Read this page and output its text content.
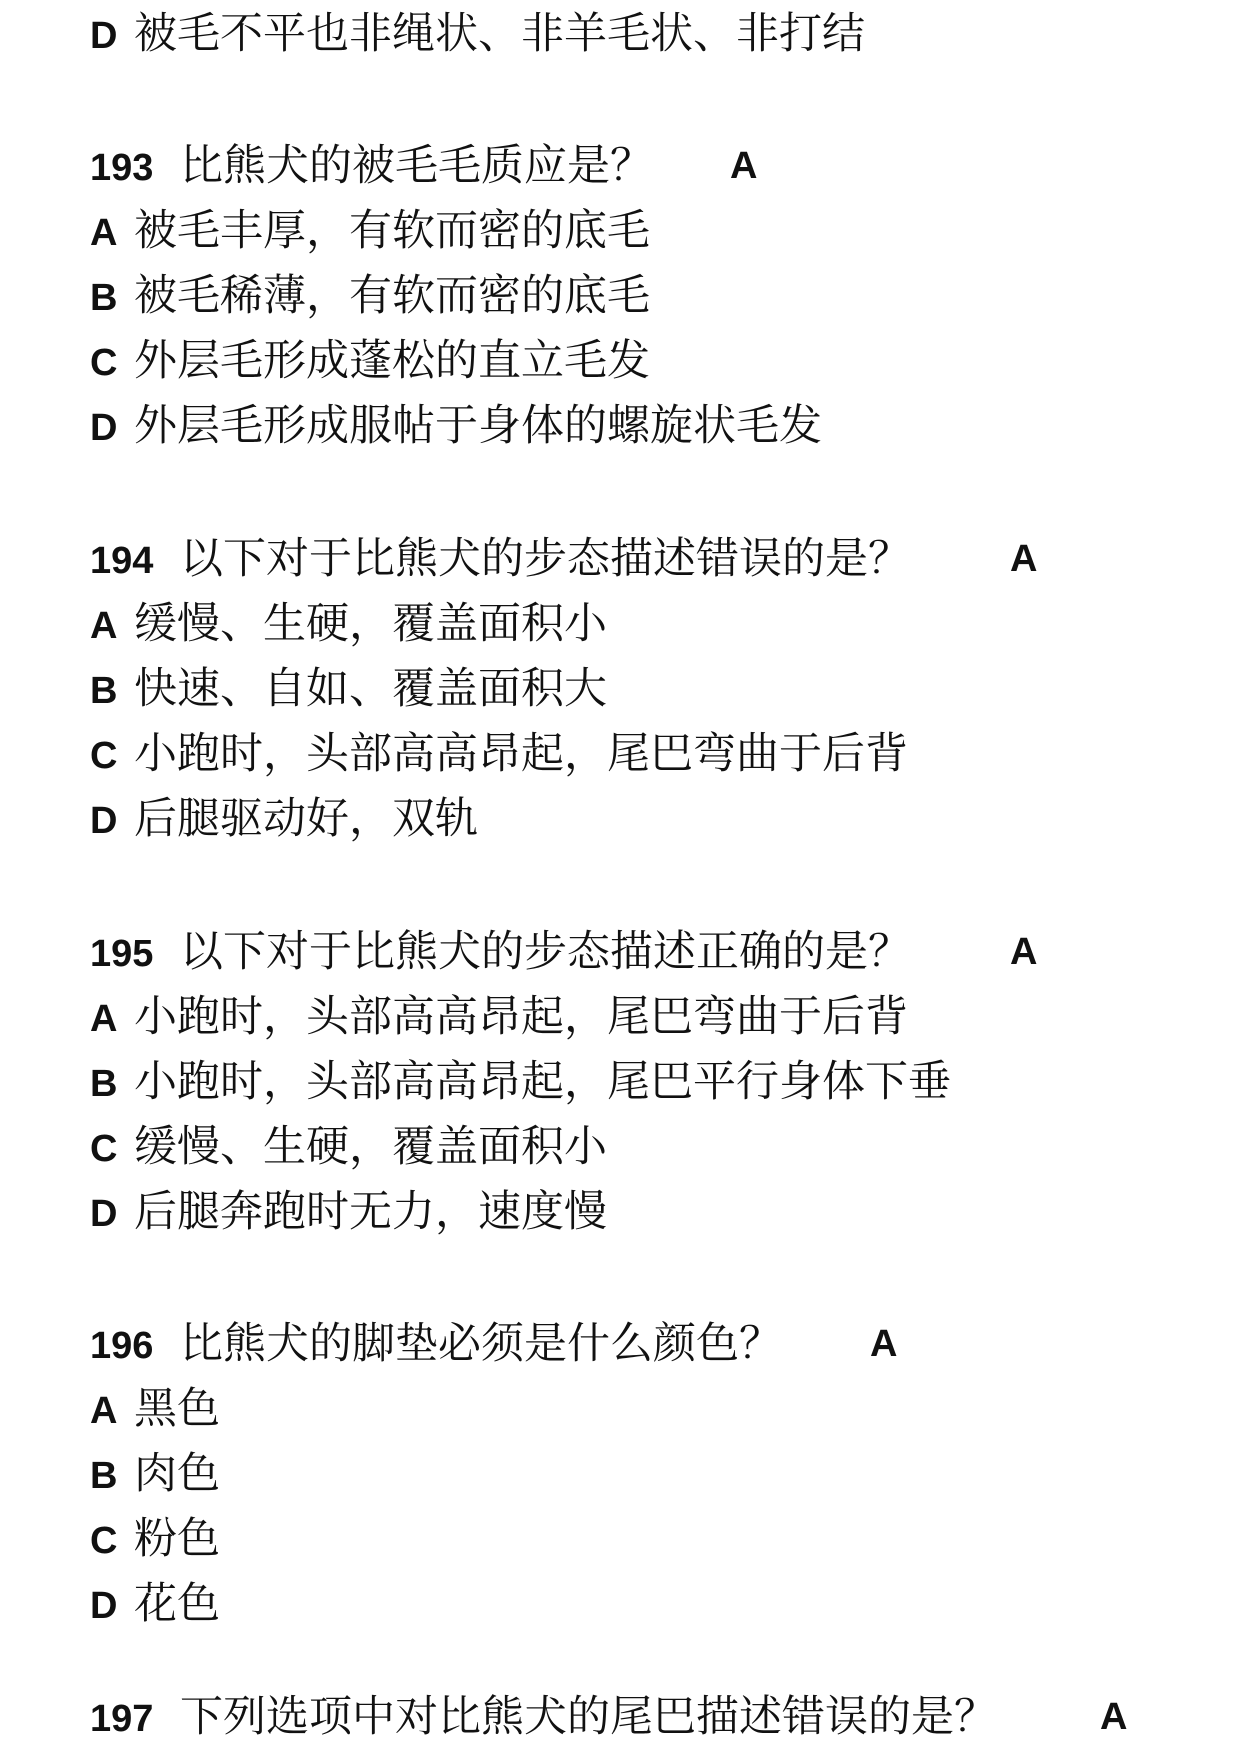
D 被毛不平也非绳状、非羊毛状、非打结
193 比熊犬的被毛毛质应是？ A
A 被毛丰厚，有软而密的底毛
B 被毛稀薄，有软而密的底毛
C 外层毛形成蓬松的直立毛发
D 外层毛形成服帖于身体的螺旋状毛发
194 以下对于比熊犬的步态描述错误的是？	A
A 缓慢、生硬，覆盖面积小
B 快速、自如、覆盖面积大
C 小跑时，头部高高昂起，尾巴弯曲于后背
D 后腿驱动好，双轨
195 以下对于比熊犬的步态描述正确的是？	A
A 小跑时，头部高高昂起，尾巴弯曲于后背
B 小跑时，头部高高昂起，尾巴平行身体下垂
C 缓慢、生硬，覆盖面积小
D 后腿奔跑时无力，速度慢
196 比熊犬的脚垫必须是什么颜色？ A
A 黑色
B 肉色
C 粉色
D 花色
197 下列选项中对比熊犬的尾巴描述错误的是？	A
